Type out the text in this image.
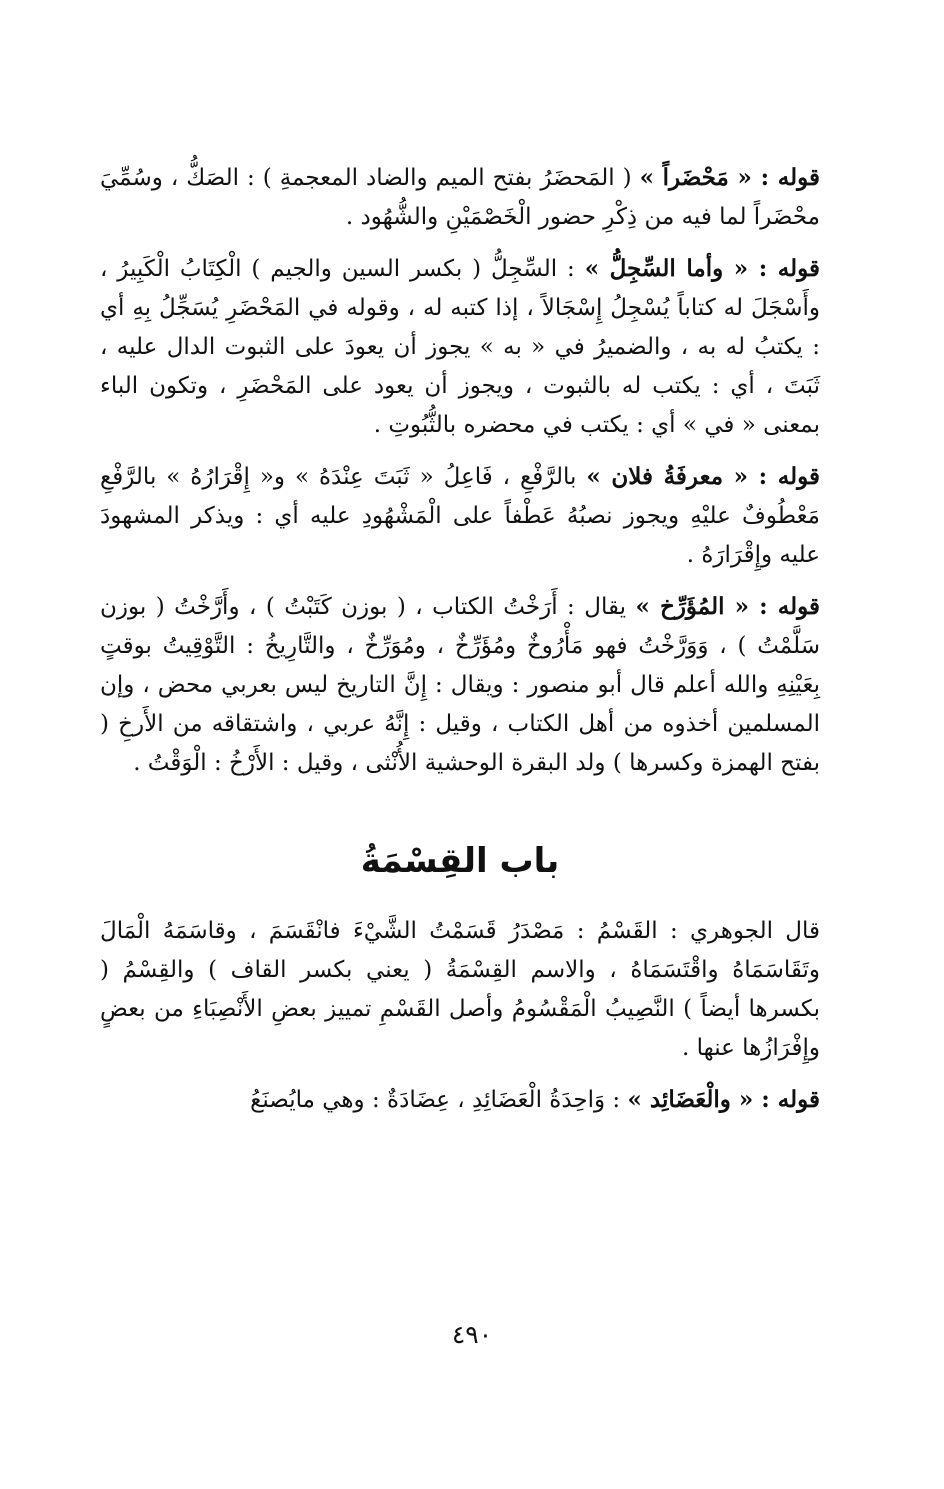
قوله : « مَحْضَراً » ( المَحضَرُ بفتح الميم والضاد المعجمةِ ) : الصَكُّ ، وسُمِّيَ محْضَراً لما فيه من ذِكْرِ حضور الْخَصْمَيْنِ والشُّهُود .

قوله : « وأما السِّجِلُّ » : السِّجِلُّ ( بكسر السين والجيم ) الْكِتَابُ الْكَبِيرُ ، وأَسْجَلَ له كتاباً يُسْجِلُ إِسْجَالاً ، إذا كتبه له ، وقوله في المَحْضَرِ يُسَجِّلُ بِهِ أي : يكتبُ له به ، والضميرُ في « به » يجوز أن يعودَ على الثبوت الدال عليه ، ثَبَتَ ، أي : يكتب له بالثبوت ، ويجوز أن يعود على المَحْضَرِ ، وتكون الباء بمعنى « في » أي : يكتب في محضره بالثُّبُوتِ .

قوله : « معرفَةُ فلان » بالرَّفْعِ ، فَاعِلُ « ثَبَتَ عِنْدَهُ » و« إِقْرَارُهُ » بالرَّفْعِ مَعْطُوفٌ عليْهِ ويجوز نصبُهُ عَطْفاً على الْمَشْهُودِ عليه أي : ويذكر المشهودَ عليه وإِقْرَارَهُ .

قوله : « المُؤَرِّخ » يقال : أَرَخْتُ الكتاب ، ( بوزن كَتَبْتُ ) ، وأَرَّخْتُ ( بوزن سَلَّمْتُ ) ، وَوَرَّخْتُ فهو مَأْرُوخٌ ومُؤَرِّخٌ ، ومُوَرِّخٌ ، والتَّارِيخُ : التَّوْقِيتُ بوقتٍ بِعَيْنِهِ والله أعلم قال أبو منصور : ويقال : إِنَّ التاريخ ليس بعربي محض ، وإن المسلمين أخذوه من أهل الكتاب ، وقيل : إِنَّهُ عربي ، واشتقاقه من الأَرخِ ( بفتح الهمزة وكسرها ) ولد البقرة الوحشية الأُنْثى ، وقيل : الأَرْخُ : الْوَقْتُ .

باب القِسْمَةُ

قال الجوهري : القَسْمُ : مَصْدَرُ قَسَمْتُ الشَّيْءَ فانْقَسَمَ ، وقاسَمَهُ الْمَالَ وتَقَاسَمَاهُ واقْتَسَمَاهُ ، والاسم القِسْمَةُ ( يعني بكسر القاف ) والقِسْمُ ( بكسرها أيضاً ) النَّصِيبُ الْمَقْسُومُ وأصل القَسْمِ تمييز بعضِ الأَنْصِبَاءِ من بعضٍ وإِفْرَازُها عنها .

قوله : « والْعَضَائِد » : وَاحِدَةُ الْعَضَائِدِ ، عِضَادَةٌ : وهي مايُصنَعُ

٤٩٠
